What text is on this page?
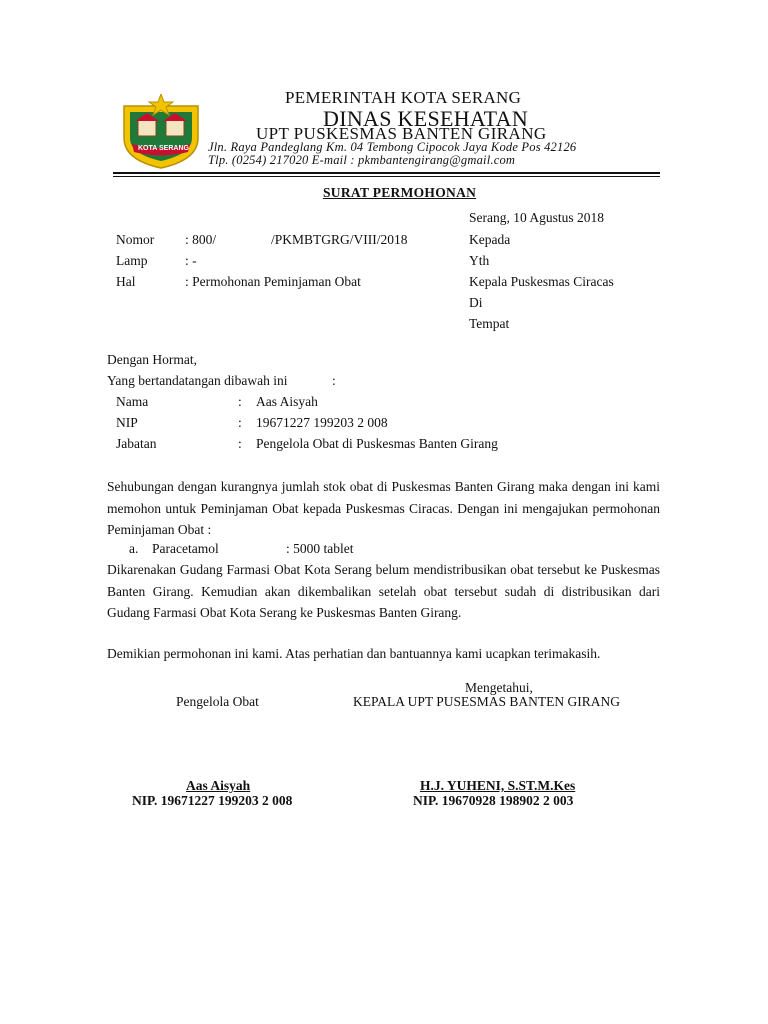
KOTA SERANG
PEMERINTAH KOTA SERANG
DINAS KESEHATAN
UPT PUSKESMAS BANTEN GIRANG
Jln. Raya Pandeglang Km. 04 Tembong Cipocok Jaya Kode Pos 42126
Tlp. (0254) 217020 E-mail : pkmbantengirang@gmail.com
SURAT PERMOHONAN
Serang, 10 Agustus 2018
Kepada
Yth
Kepala Puskesmas Ciracas
Di
Tempat
Nomor : 800/	/PKMBTGRG/VIII/2018
Lamp	: -
Hal	: Permohonan Peminjaman Obat
Dengan Hormat,
Yang bertandatangan dibawah ini	:
Nama	: Aas Aisyah
NIP	: 19671227 199203 2 008
Jabatan	: Pengelola Obat di Puskesmas Banten Girang
Sehubungan dengan kurangnya jumlah stok obat di Puskesmas Banten Girang maka dengan ini kami memohon untuk Peminjaman Obat kepada Puskesmas Ciracas. Dengan ini mengajukan permohonan Peminjaman Obat :
a. Paracetamol	: 5000 tablet
Dikarenakan Gudang Farmasi Obat Kota Serang belum mendistribusikan obat tersebut ke Puskesmas Banten Girang. Kemudian akan dikembalikan setelah obat tersebut sudah di distribusikan dari Gudang Farmasi Obat Kota Serang ke Puskesmas Banten Girang.
Demikian permohonan ini kami. Atas perhatian dan bantuannya kami ucapkan terimakasih.
Mengetahui,
Pengelola Obat	KEPALA UPT PUSESMAS BANTEN GIRANG
Aas Aisyah
NIP. 19671227 199203 2 008
H.J. YUHENI, S.ST.M.Kes
NIP. 19670928 198902 2 003
